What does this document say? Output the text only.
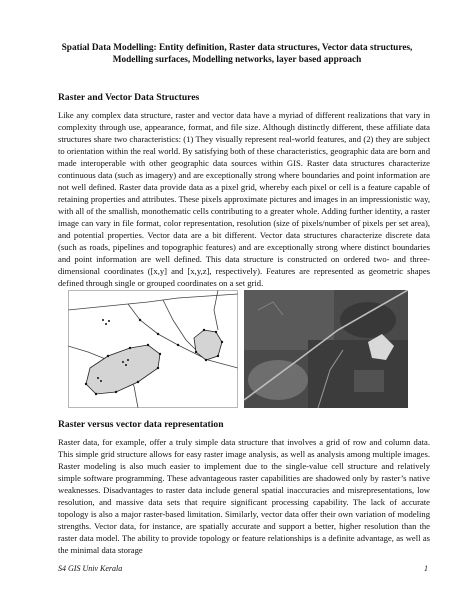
Spatial Data Modelling: Entity definition, Raster data structures, Vector data structures, Modelling surfaces, Modelling networks, layer based approach
Raster and Vector Data Structures

Like any complex data structure, raster and vector data have a myriad of different realizations that vary in complexity through use, appearance, format, and file size. Although distinctly different, these affiliate data structures share two characteristics: (1) They visually represent real-world features, and (2) they are subject to orientation within the real world. By satisfying both of these characteristics, geographic data are born and made interoperable with other geographic data sources within GIS. Raster data structures characterize continuous data (such as imagery) and are exceptionally strong where boundaries and point information are not well defined. Raster data provide data as a pixel grid, whereby each pixel or cell is a feature capable of retaining properties and attributes. These pixels approximate pictures and images in an impressionistic way, with all of the smallish, monothematic cells contributing to a greater whole. Adding further identity, a raster image can vary in file format, color representation, resolution (size of pixels/number of pixels per set area), and potential properties. Vector data are a bit different. Vector data structures characterize discrete data (such as roads, pipelines and topographic features) and are exceptionally strong where distinct boundaries and point information are well defined. This data structure is constructed on ordered two- and three-dimensional coordinates ([x,y] and [x,y,z], respectively). Features are represented as geometric shapes defined through single or grouped coordinates on a set grid.

Raster versus vector data representation

Raster data, for example, offer a truly simple data structure that involves a grid of row and column data. This simple grid structure allows for easy raster image analysis, as well as analysis among multiple images. Raster modeling is also much easier to implement due to the single-value cell structure and relatively simple software programming. These advantageous raster capabilities are shadowed only by raster’s native weaknesses. Disadvantages to raster data include general spatial inaccuracies and misrepresentations, low resolution, and massive data sets that require significant processing capability. The lack of accurate topology is also a major raster-based limitation. Similarly, vector data offer their own variation of modeling strengths. Vector data, for instance, are spatially accurate and support a better, higher resolution than the raster data model. The ability to provide topology or feature relationships is a definite advantage, as well as the minimal data storage

S4 GIS Univ Kerala	1
